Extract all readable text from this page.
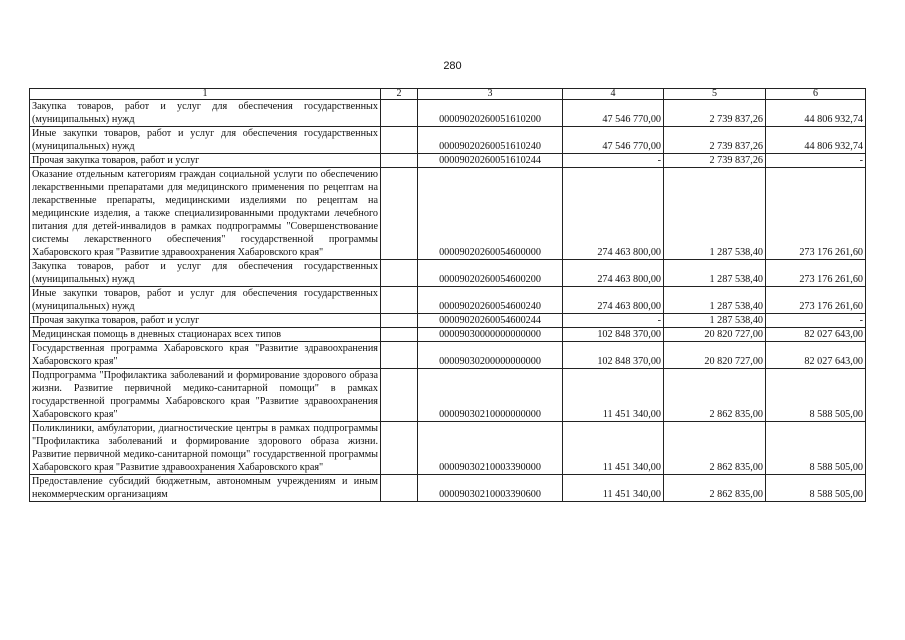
280
1	2	3	4	5	6
Закупка товаров, работ и услуг для обеспечения государственных (муниципальных) нужд		00009020260051610200	47 546 770,00	2 739 837,26	44 806 932,74
Иные закупки товаров, работ и услуг для обеспечения государственных (муниципальных) нужд		00009020260051610240	47 546 770,00	2 739 837,26	44 806 932,74
Прочая закупка товаров, работ и услуг		00009020260051610244	-	2 739 837,26	-
Оказание отдельным категориям граждан социальной услуги по обеспечению лекарственными препаратами для медицинского применения по рецептам на лекарственные препараты, медицинскими изделиями по рецептам на медицинские изделия, а также специализированными продуктами лечебного питания для детей-инвалидов в рамках подпрограммы "Совершенствование системы лекарственного обеспечения" государственной программы Хабаровского края "Развитие здравоохранения Хабаровского края"		00009020260054600000	274 463 800,00	1 287 538,40	273 176 261,60
Закупка товаров, работ и услуг для обеспечения государственных (муниципальных) нужд		00009020260054600200	274 463 800,00	1 287 538,40	273 176 261,60
Иные закупки товаров, работ и услуг для обеспечения государственных (муниципальных) нужд		00009020260054600240	274 463 800,00	1 287 538,40	273 176 261,60
Прочая закупка товаров, работ и услуг		00009020260054600244	-	1 287 538,40	-
Медицинская помощь в дневных стационарах всех типов		00009030000000000000	102 848 370,00	20 820 727,00	82 027 643,00
Государственная программа Хабаровского края "Развитие здравоохранения Хабаровского края"		00009030200000000000	102 848 370,00	20 820 727,00	82 027 643,00
Подпрограмма "Профилактика заболеваний и формирование здорового образа жизни. Развитие первичной медико-санитарной помощи" в рамках государственной программы Хабаровского края "Развитие здравоохранения Хабаровского края"		00009030210000000000	11 451 340,00	2 862 835,00	8 588 505,00
Поликлиники, амбулатории, диагностические центры в рамках подпрограммы "Профилактика заболеваний и формирование здорового образа жизни. Развитие первичной медико-санитарной помощи" государственной программы Хабаровского края "Развитие здравоохранения Хабаровского края"		00009030210003390000	11 451 340,00	2 862 835,00	8 588 505,00
Предоставление субсидий бюджетным, автономным учреждениям и иным некоммерческим организациям		00009030210003390600	11 451 340,00	2 862 835,00	8 588 505,00
